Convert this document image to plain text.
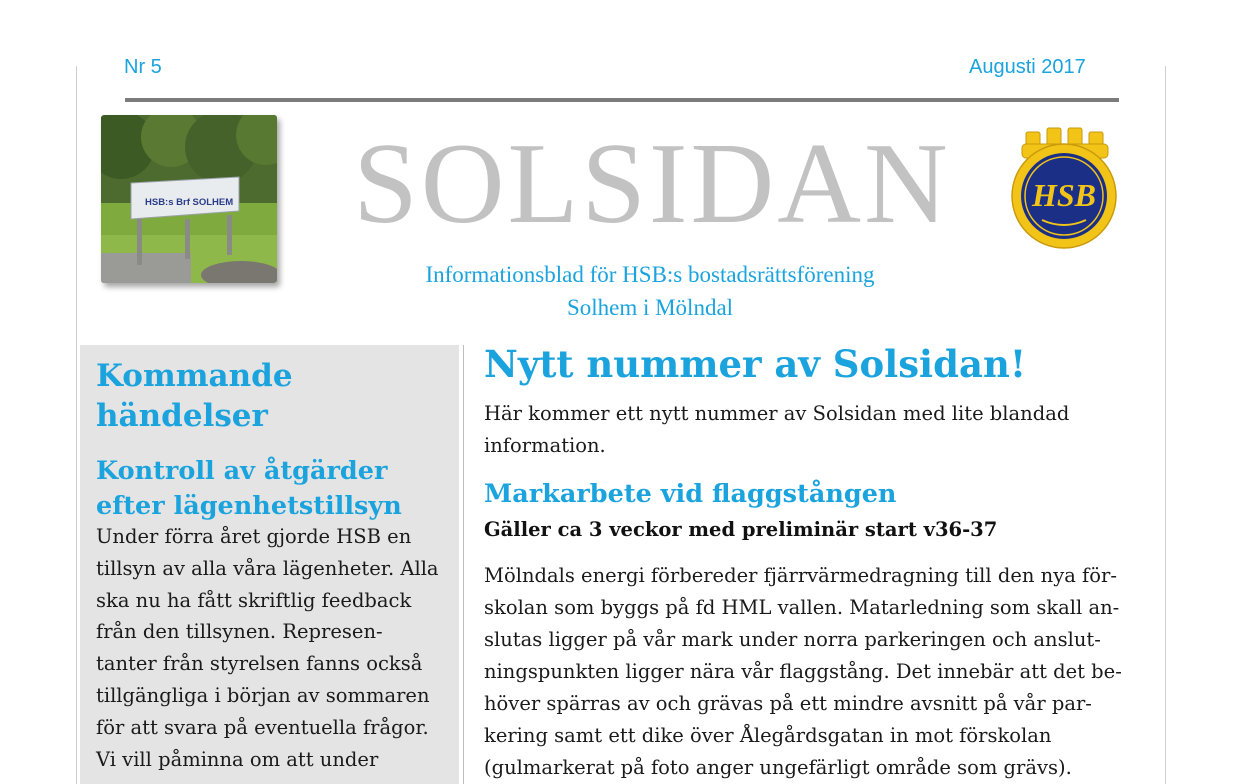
Nr 5	Augusti 2017
HSB:s Brf SOLHEM	SOLSIDAN	HSB
Informationsblad för HSB:s bostadsrättsförening
Solhem i Mölndal
Kommande
händelser
Kontroll av åtgärder
efter lägenhetstillsyn
Under förra året gjorde HSB en
tillsyn av alla våra lägenheter. Alla
ska nu ha fått skriftlig feedback
från den tillsynen. Represen-
tanter från styrelsen fanns också
tillgängliga i början av sommaren
för att svara på eventuella frågor.
Vi vill påminna om att under
Nytt nummer av Solsidan!
Här kommer ett nytt nummer av Solsidan med lite blandad
information.
Markarbete vid flaggstången
Gäller ca 3 veckor med preliminär start v36-37
Mölndals energi förbereder fjärrvärmedragning till den nya för-
skolan som byggs på fd HML vallen. Matarledning som skall an-
slutas ligger på vår mark under norra parkeringen och anslut-
ningspunkten ligger nära vår flaggstång. Det innebär att det be-
höver spärras av och grävas på ett mindre avsnitt på vår par-
kering samt ett dike över Ålegårdsgatan in mot förskolan
(gulmarkerat på foto anger ungefärligt område som grävs).
